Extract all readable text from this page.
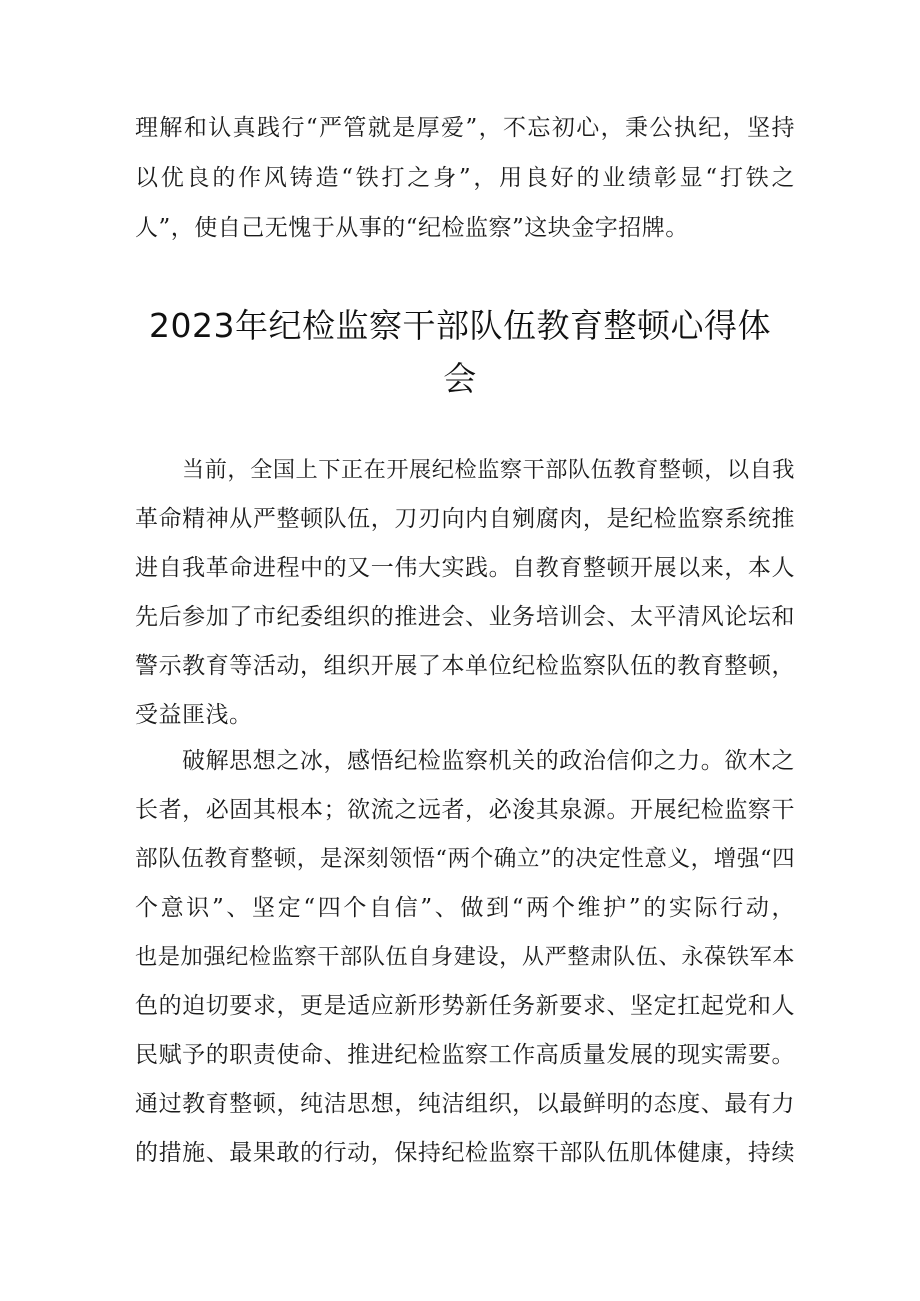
理解和认真践行“严管就是厚爱”，不忘初心，秉公执纪，坚持
以优良的作风铸造“铁打之身”，用良好的业绩彰显“打铁之
人”，使自己无愧于从事的“纪检监察”这块金字招牌。
2023年纪检监察干部队伍教育整顿心得体
会
当前，全国上下正在开展纪检监察干部队伍教育整顿，以自我
革命精神从严整顿队伍，刀刃向内自剜腐肉，是纪检监察系统推
进自我革命进程中的又一伟大实践。自教育整顿开展以来，本人
先后参加了市纪委组织的推进会、业务培训会、太平清风论坛和
警示教育等活动，组织开展了本单位纪检监察队伍的教育整顿，
受益匪浅。
破解思想之冰，感悟纪检监察机关的政治信仰之力。欲木之
长者，必固其根本；欲流之远者，必浚其泉源。开展纪检监察干
部队伍教育整顿，是深刻领悟“两个确立”的决定性意义，增强“四
个意识”、坚定“四个自信”、做到“两个维护”的实际行动，
也是加强纪检监察干部队伍自身建设，从严整肃队伍、永葆铁军本
色的迫切要求，更是适应新形势新任务新要求、坚定扛起党和人
民赋予的职责使命、推进纪检监察工作高质量发展的现实需要。
通过教育整顿，纯洁思想，纯洁组织，以最鲜明的态度、最有力
的措施、最果敢的行动，保持纪检监察干部队伍肌体健康，持续
